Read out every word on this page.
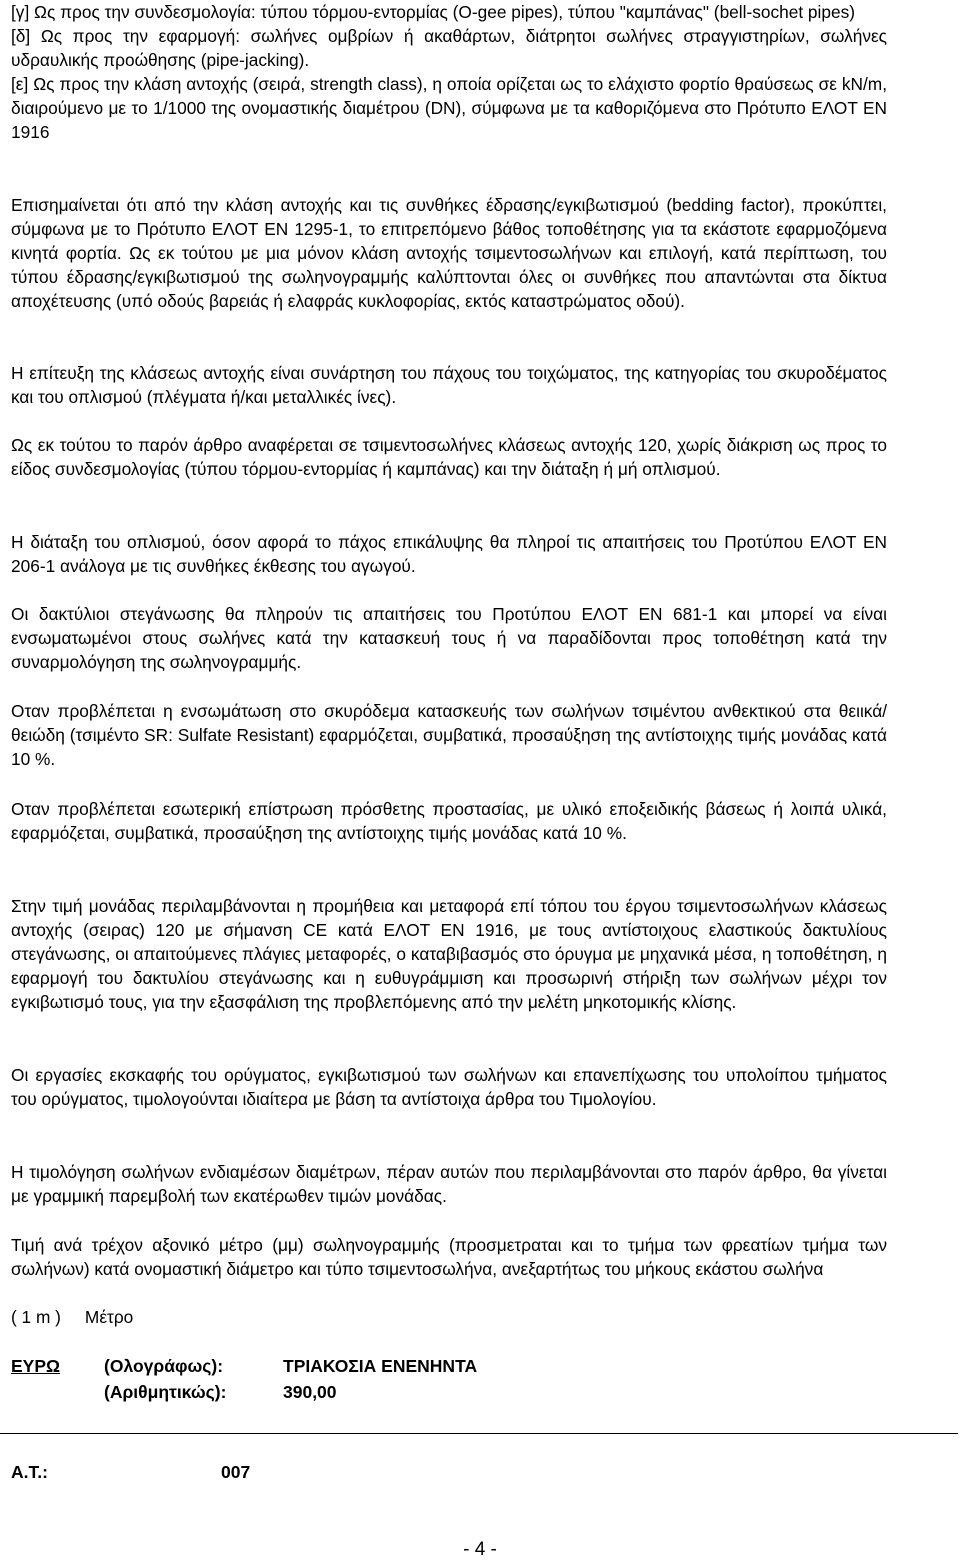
[γ] Ως προς την συνδεσμολογία: τύπου τόρμου-εντορμίας (O-gee pipes), τύπου "καμπάνας" (bell-sochet pipes)

[δ] Ως προς την εφαρμογή: σωλήνες ομβρίων ή ακαθάρτων, διάτρητοι σωλήνες στραγγιστηρίων, σωλήνες υδραυλικής προώθησης (pipe-jacking).

[ε] Ως προς την κλάση αντοχής (σειρά, strength class), η οποία ορίζεται ως το ελάχιστο φορτίο θραύσεως σε kN/m, διαιρούμενο με το 1/1000 της ονομαστικής διαμέτρου (DN), σύμφωνα με τα καθοριζόμενα στο Πρότυπο ΕΛΟΤ ΕΝ 1916

Επισημαίνεται ότι από την κλάση αντοχής και τις συνθήκες έδρασης/εγκιβωτισμού (bedding factor), προκύπτει, σύμφωνα με το Πρότυπο ΕΛΟΤ ΕΝ 1295-1, το επιτρεπόμενο βάθος τοποθέτησης για τα εκάστοτε εφαρμοζόμενα κινητά φορτία. Ως εκ τούτου με μια μόνον κλάση αντοχής τσιμεντοσωλήνων και επιλογή, κατά περίπτωση, του τύπου έδρασης/εγκιβωτισμού της σωληνογραμμής καλύπτονται όλες οι συνθήκες που απαντώνται στα δίκτυα αποχέτευσης (υπό οδούς βαρειάς ή ελαφράς κυκλοφορίας, εκτός καταστρώματος οδού).

Η επίτευξη της κλάσεως αντοχής είναι συνάρτηση του πάχους του τοιχώματος, της κατηγορίας του σκυροδέματος και του οπλισμού (πλέγματα ή/και μεταλλικές ίνες).

Ως εκ τούτου το παρόν άρθρο αναφέρεται σε τσιμεντοσωλήνες κλάσεως αντοχής 120, χωρίς διάκριση ως προς το είδος συνδεσμολογίας (τύπου τόρμου-εντορμίας ή καμπάνας) και την διάταξη ή μή οπλισμού.

Η διάταξη του οπλισμού, όσον αφορά το πάχος επικάλυψης θα πληροί τις απαιτήσεις του Προτύπου ΕΛΟΤ ΕΝ 206-1 ανάλογα με τις συνθήκες έκθεσης του αγωγού.

Οι δακτύλιοι στεγάνωσης θα πληρούν τις απαιτήσεις του Προτύπου ΕΛΟΤ ΕΝ 681-1 και μπορεί να είναι ενσωματωμένοι στους σωλήνες κατά την κατασκευή τους ή να παραδίδονται προς τοποθέτηση κατά την συναρμολόγηση της σωληνογραμμής.

Οταν προβλέπεται η ενσωμάτωση στο σκυρόδεμα κατασκευής των σωλήνων τσιμέντου ανθεκτικού στα θειικά/θειώδη (τσιμέντο SR: Sulfate Resistant) εφαρμόζεται, συμβατικά, προσαύξηση της αντίστοιχης τιμής μονάδας κατά 10 %.

Οταν προβλέπεται εσωτερική επίστρωση πρόσθετης προστασίας, με υλικό εποξειδικής βάσεως ή λοιπά υλικά, εφαρμόζεται, συμβατικά, προσαύξηση της αντίστοιχης τιμής μονάδας κατά 10 %.

Στην τιμή μονάδας περιλαμβάνονται η προμήθεια και μεταφορά επί τόπου του έργου τσιμεντοσωλήνων κλάσεως αντοχής (σειρας) 120 με σήμανση CE κατά ΕΛΟΤ ΕΝ 1916, με τους αντίστοιχους ελαστικούς δακτυλίους στεγάνωσης, οι απαιτούμενες πλάγιες μεταφορές, ο καταβιβασμός στο όρυγμα με μηχανικά μέσα, η τοποθέτηση, η εφαρμογή του δακτυλίου στεγάνωσης και η ευθυγράμμιση και προσωρινή στήριξη των σωλήνων μέχρι τον εγκιβωτισμό τους, για την εξασφάλιση της προβλεπόμενης από την μελέτη μηκοτομικής κλίσης.

Οι εργασίες εκσκαφής του ορύγματος, εγκιβωτισμού των σωλήνων και επανεπίχωσης του υπολοίπου τμήματος του ορύγματος, τιμολογούνται ιδιαίτερα με βάση τα αντίστοιχα άρθρα του Τιμολογίου.

Η τιμολόγηση σωλήνων ενδιαμέσων διαμέτρων, πέραν αυτών που περιλαμβάνονται στο παρόν άρθρο, θα γίνεται με γραμμική παρεμβολή των εκατέρωθεν τιμών μονάδας.

Τιμή ανά τρέχον αξονικό μέτρο (μμ) σωληνογραμμής (προσμετραται και το τμήμα των φρεατίων τμήμα των σωλήνων) κατά ονομαστική διάμετρο και τύπο τσιμεντοσωλήνα, ανεξαρτήτως του μήκους εκάστου σωλήνα

( 1 m )     Μέτρο

ΕΥΡΩ	(Ολογράφως):	ΤΡΙΑΚΟΣΙΑ ΕΝΕΝΗΝΤΑ
(Αριθμητικώς):	390,00
Α.Τ.:	007
- 4 -
